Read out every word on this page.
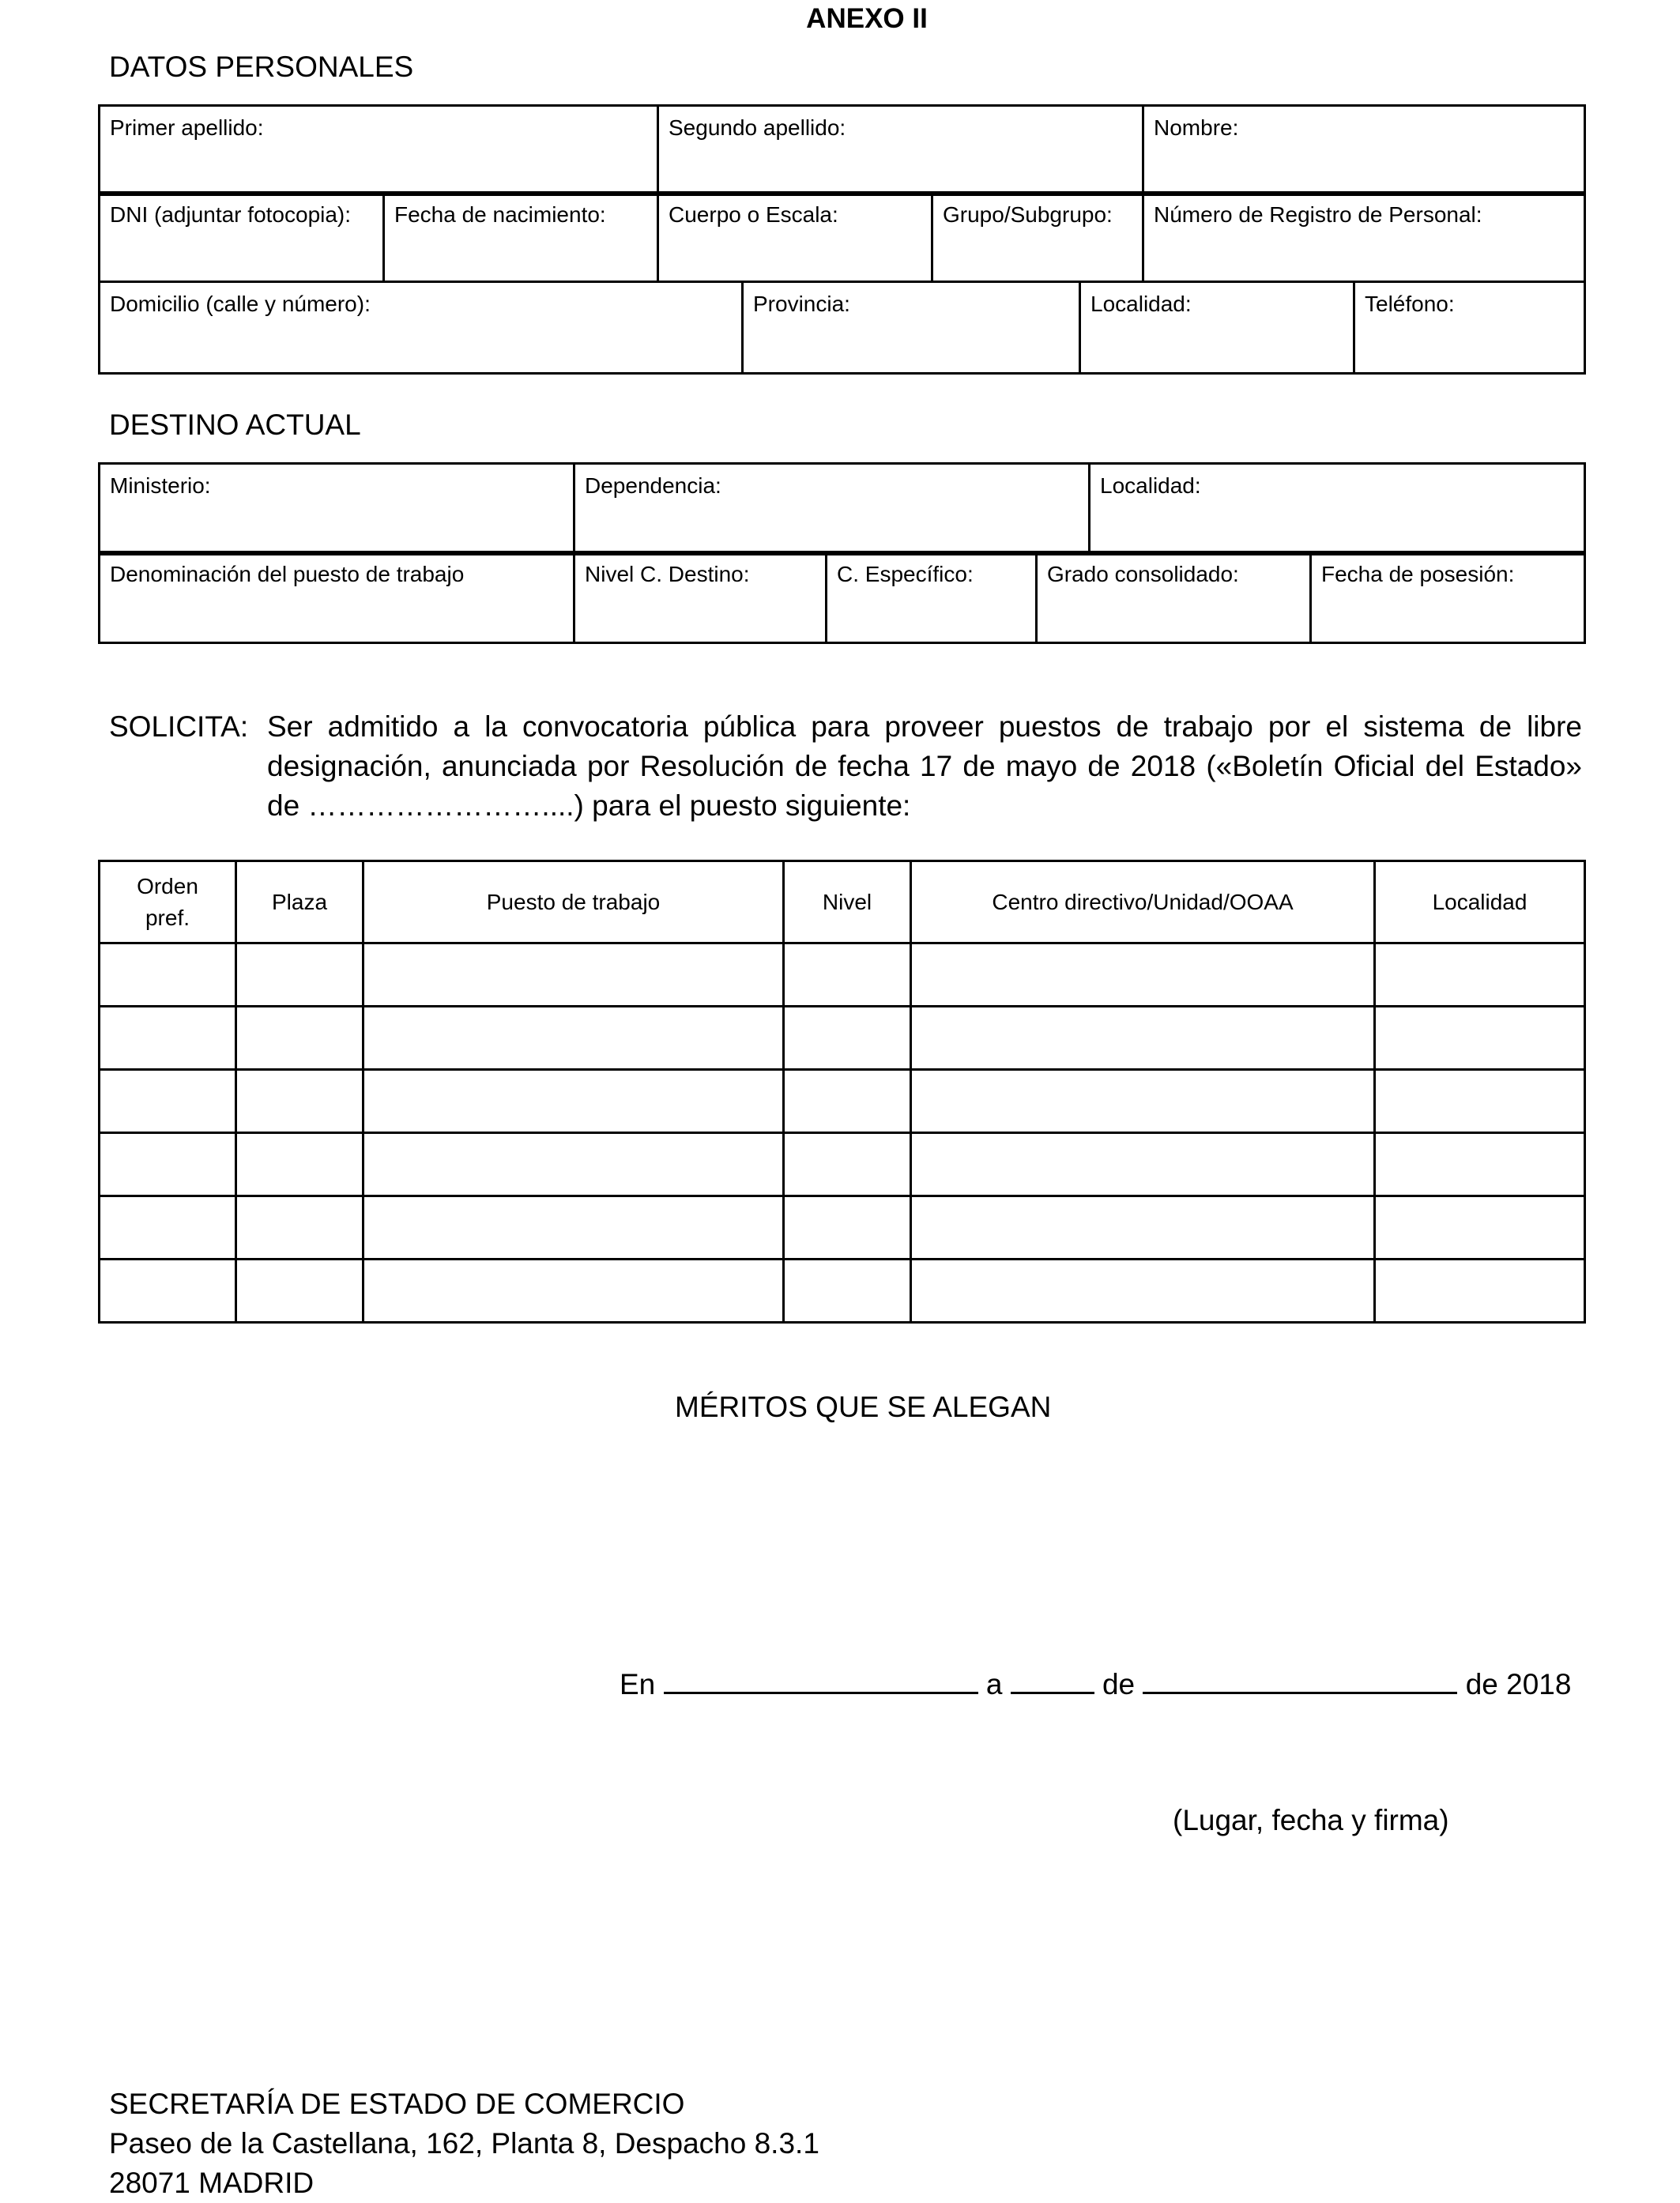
ANEXO II
DATOS PERSONALES
Primer apellido:	Segundo apellido:	Nombre:
DNI (adjuntar fotocopia):	Fecha de nacimiento:	Cuerpo o Escala:	Grupo/Subgrupo:	Número de Registro de Personal:
Domicilio (calle y número):	Provincia:	Localidad:	Teléfono:
DESTINO ACTUAL
Ministerio:	Dependencia:	Localidad:
Denominación del puesto de trabajo	Nivel C. Destino:	C. Específico:	Grado consolidado:	Fecha de posesión:
SOLICITA: Ser admitido a la convocatoria pública para proveer puestos de trabajo por el sistema de libre
designación, anunciada por Resolución de fecha 17 de mayo de 2018 («Boletín Oficial del Estado»
de ……………………....) para el puesto siguiente:
Orden
pref.	Plaza	Puesto de trabajo	Nivel	Centro directivo/Unidad/OOAA	Localidad

MÉRITOS QUE SE ALEGAN
En	a	de	de 2018
(Lugar, fecha y firma)
SECRETARÍA DE ESTADO DE COMERCIO
Paseo de la Castellana, 162, Planta 8, Despacho 8.3.1
28071 MADRID
